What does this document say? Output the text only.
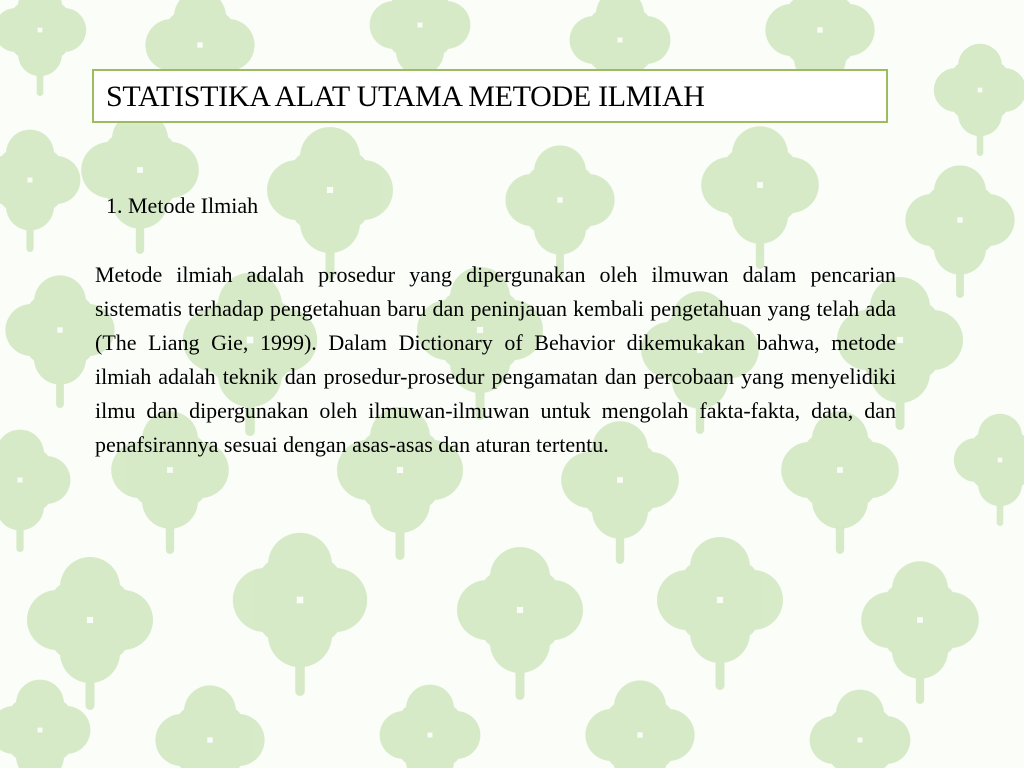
STATISTIKA ALAT UTAMA METODE ILMIAH
1. Metode Ilmiah

Metode ilmiah adalah prosedur yang dipergunakan oleh ilmuwan dalam pencarian sistematis terhadap pengetahuan baru dan peninjauan kembali pengetahuan yang telah ada (The Liang Gie, 1999). Dalam Dictionary of Behavior dikemukakan bahwa, metode ilmiah adalah teknik dan prosedur-prosedur pengamatan dan percobaan yang menyelidiki ilmu dan dipergunakan oleh ilmuwan-ilmuwan untuk mengolah fakta-fakta, data, dan penafsirannya sesuai dengan asas-asas dan aturan tertentu.
